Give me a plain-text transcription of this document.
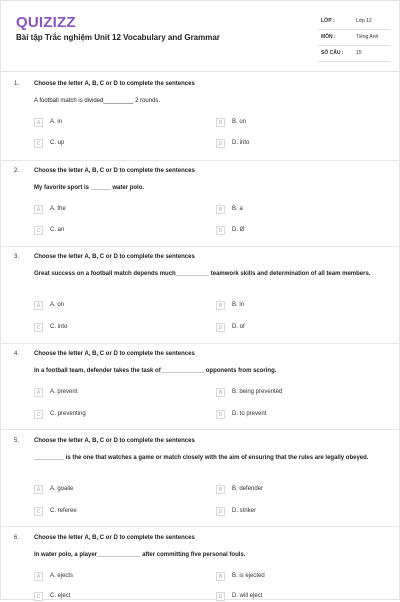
QUIZIZZ
Bài tập Trắc nghiệm Unit 12 Vocabulary and Grammar
LỚP :	Lớp 12
MÔN :	Tiếng Anh
SỐ CÂU :	15
1. Choose the letter A, B, C or D to complete the sentences
A football match is divided_________ 2 rounds.
A	A. in	B	B. on
C	C. up	D	D. into
2. Choose the letter A, B, C or D to complete the sentences
My favorite sport is ______ water polo.
A	A. the	B	B. a
C	C. an	D	D. Ø
3. Choose the letter A, B, C or D to complete the sentences
Great success on a football match depends much__________ teamwork skills and determination of all team members.
A	A. on	B	B. in
C	C. into	D	D. of
4. Choose the letter A, B, C or D to complete the sentences
In a football team, defender takes the task of_____________ opponents from scoring.
A	A. prevent	B	B. being prevented
C	C. preventing	D	D. to prevent
5. Choose the letter A, B, C or D to complete the sentences
_________ is the one that watches a game or match closely with the aim of ensuring that the rules are legally obeyed.
A	A. goalie	B	B. defender
C	C. referee	D	D. striker
6. Choose the letter A, B, C or D to complete the sentences
In water polo, a player_____________ after committing five personal fouls.
A	A. ejects	B	B. is ejected
C	C. eject	D	D. will eject
